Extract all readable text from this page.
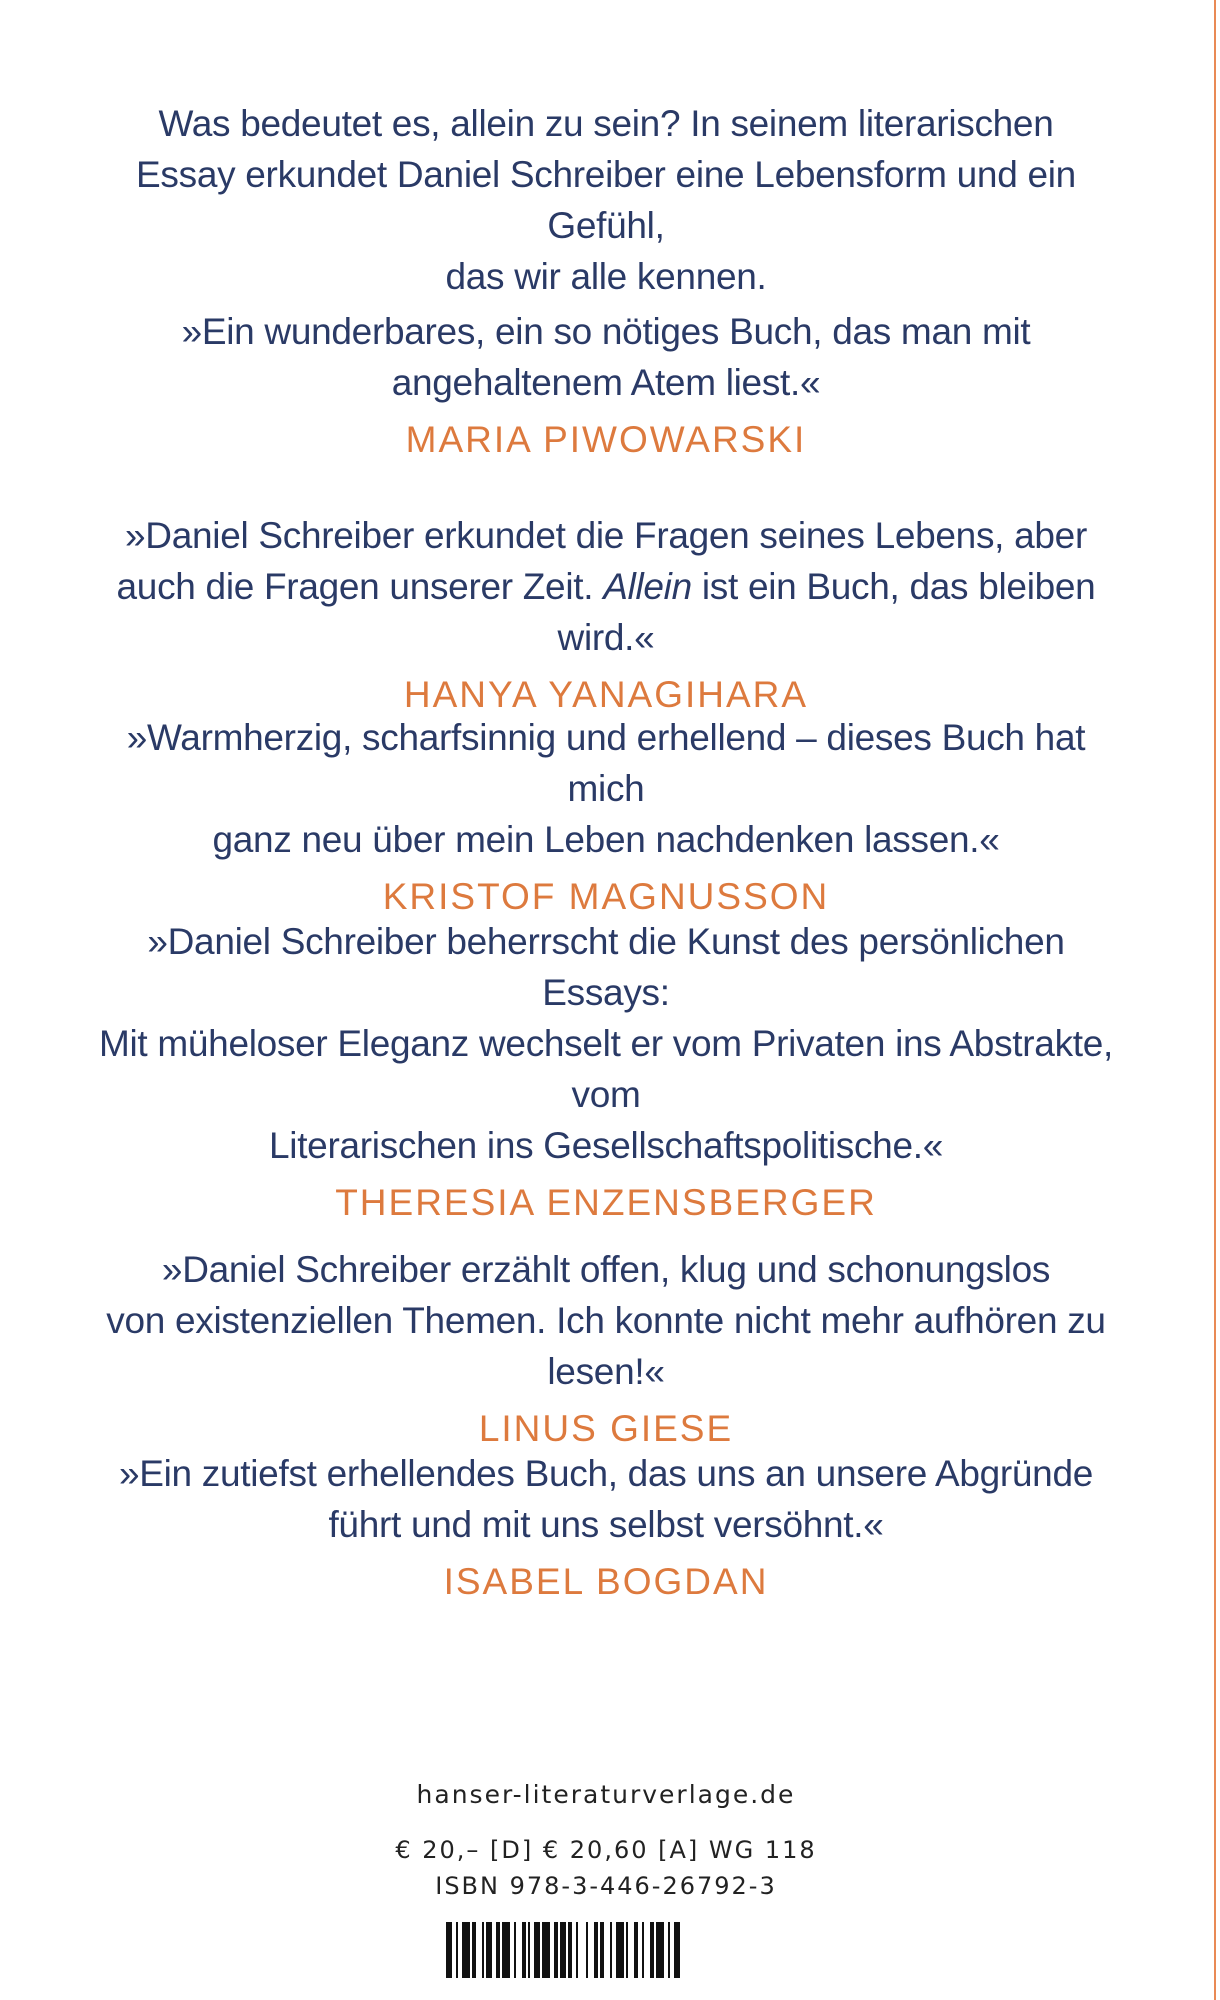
Was bedeutet es, allein zu sein? In seinem literarischen
Essay erkundet Daniel Schreiber eine Lebensform und ein Gefühl,
das wir alle kennen.
»Ein wunderbares, ein so nötiges Buch, das man mit
angehaltenem Atem liest.«
MARIA PIWOWARSKI
»Daniel Schreiber erkundet die Fragen seines Lebens, aber
auch die Fragen unserer Zeit. Allein ist ein Buch, das bleiben wird.«
HANYA YANAGIHARA
»Warmherzig, scharfsinnig und erhellend – dieses Buch hat mich
ganz neu über mein Leben nachdenken lassen.«
KRISTOF MAGNUSSON
»Daniel Schreiber beherrscht die Kunst des persönlichen Essays:
Mit müheloser Eleganz wechselt er vom Privaten ins Abstrakte, vom
Literarischen ins Gesellschaftspolitische.«
THERESIA ENZENSBERGER
»Daniel Schreiber erzählt offen, klug und schonungslos
von existenziellen Themen. Ich konnte nicht mehr aufhören zu lesen!«
LINUS GIESE
»Ein zutiefst erhellendes Buch, das uns an unsere Abgründe
führt und mit uns selbst versöhnt.«
ISABEL BOGDAN
hanser-literaturverlage.de
€ 20,– [D] € 20,60 [A] WG 118
ISBN 978-3-446-26792-3
